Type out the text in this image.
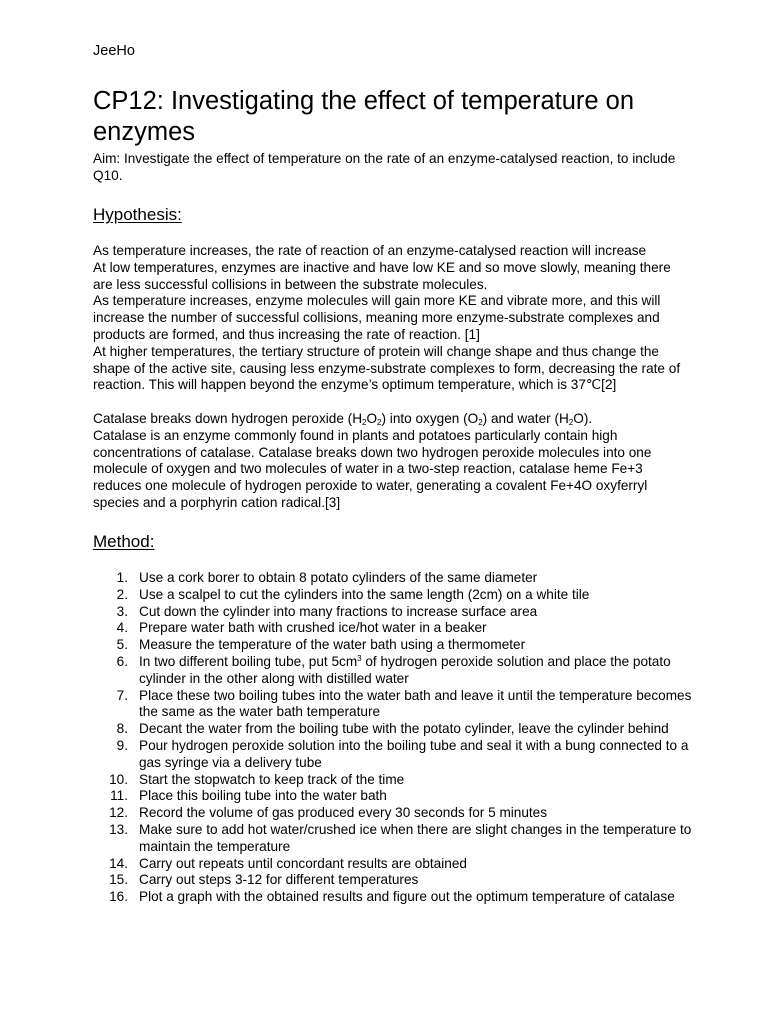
JeeHo
CP12: Investigating the effect of temperature on enzymes
Aim: Investigate the effect of temperature on the rate of an enzyme-catalysed reaction, to include Q10.
Hypothesis:

As temperature increases, the rate of reaction of an enzyme-catalysed reaction will increase

At low temperatures, enzymes are inactive and have low KE and so move slowly, meaning there are less successful collisions in between the substrate molecules.

As temperature increases, enzyme molecules will gain more KE and vibrate more, and this will increase the number of successful collisions, meaning more enzyme-substrate complexes and products are formed, and thus increasing the rate of reaction. [1]

At higher temperatures, the tertiary structure of protein will change shape and thus change the shape of the active site, causing less enzyme-substrate complexes to form, decreasing the rate of reaction. This will happen beyond the enzyme’s optimum temperature, which is 37℃[2]

Catalase breaks down hydrogen peroxide $(H_2O_2)$ into oxygen $(O_2)$ and water $(H_2O)$.

Catalase is an enzyme commonly found in plants and potatoes particularly contain high concentrations of catalase. Catalase breaks down two hydrogen peroxide molecules into one molecule of oxygen and two molecules of water in a two-step reaction, catalase heme Fe+3 reduces one molecule of hydrogen peroxide to water, generating a covalent Fe+4O oxyferryl species and a porphyrin cation radical.[3]

Method:
1. Use a cork borer to obtain 8 potato cylinders of the same diameter
2. Use a scalpel to cut the cylinders into the same length (2cm) on a white tile
3. Cut down the cylinder into many fractions to increase surface area
4. Prepare water bath with crushed ice/hot water in a beaker
5. Measure the temperature of the water bath using a thermometer
6. In two different boiling tube, put $5cm^3$ of hydrogen peroxide solution and place the potato cylinder in the other along with distilled water
7. Place these two boiling tubes into the water bath and leave it until the temperature becomes the same as the water bath temperature
8. Decant the water from the boiling tube with the potato cylinder, leave the cylinder behind
9. Pour hydrogen peroxide solution into the boiling tube and seal it with a bung connected to a gas syringe via a delivery tube
10. Start the stopwatch to keep track of the time
11. Place this boiling tube into the water bath
12. Record the volume of gas produced every 30 seconds for 5 minutes
13. Make sure to add hot water/crushed ice when there are slight changes in the temperature to maintain the temperature
14. Carry out repeats until concordant results are obtained
15. Carry out steps 3-12 for different temperatures
16. Plot a graph with the obtained results and figure out the optimum temperature of catalase
